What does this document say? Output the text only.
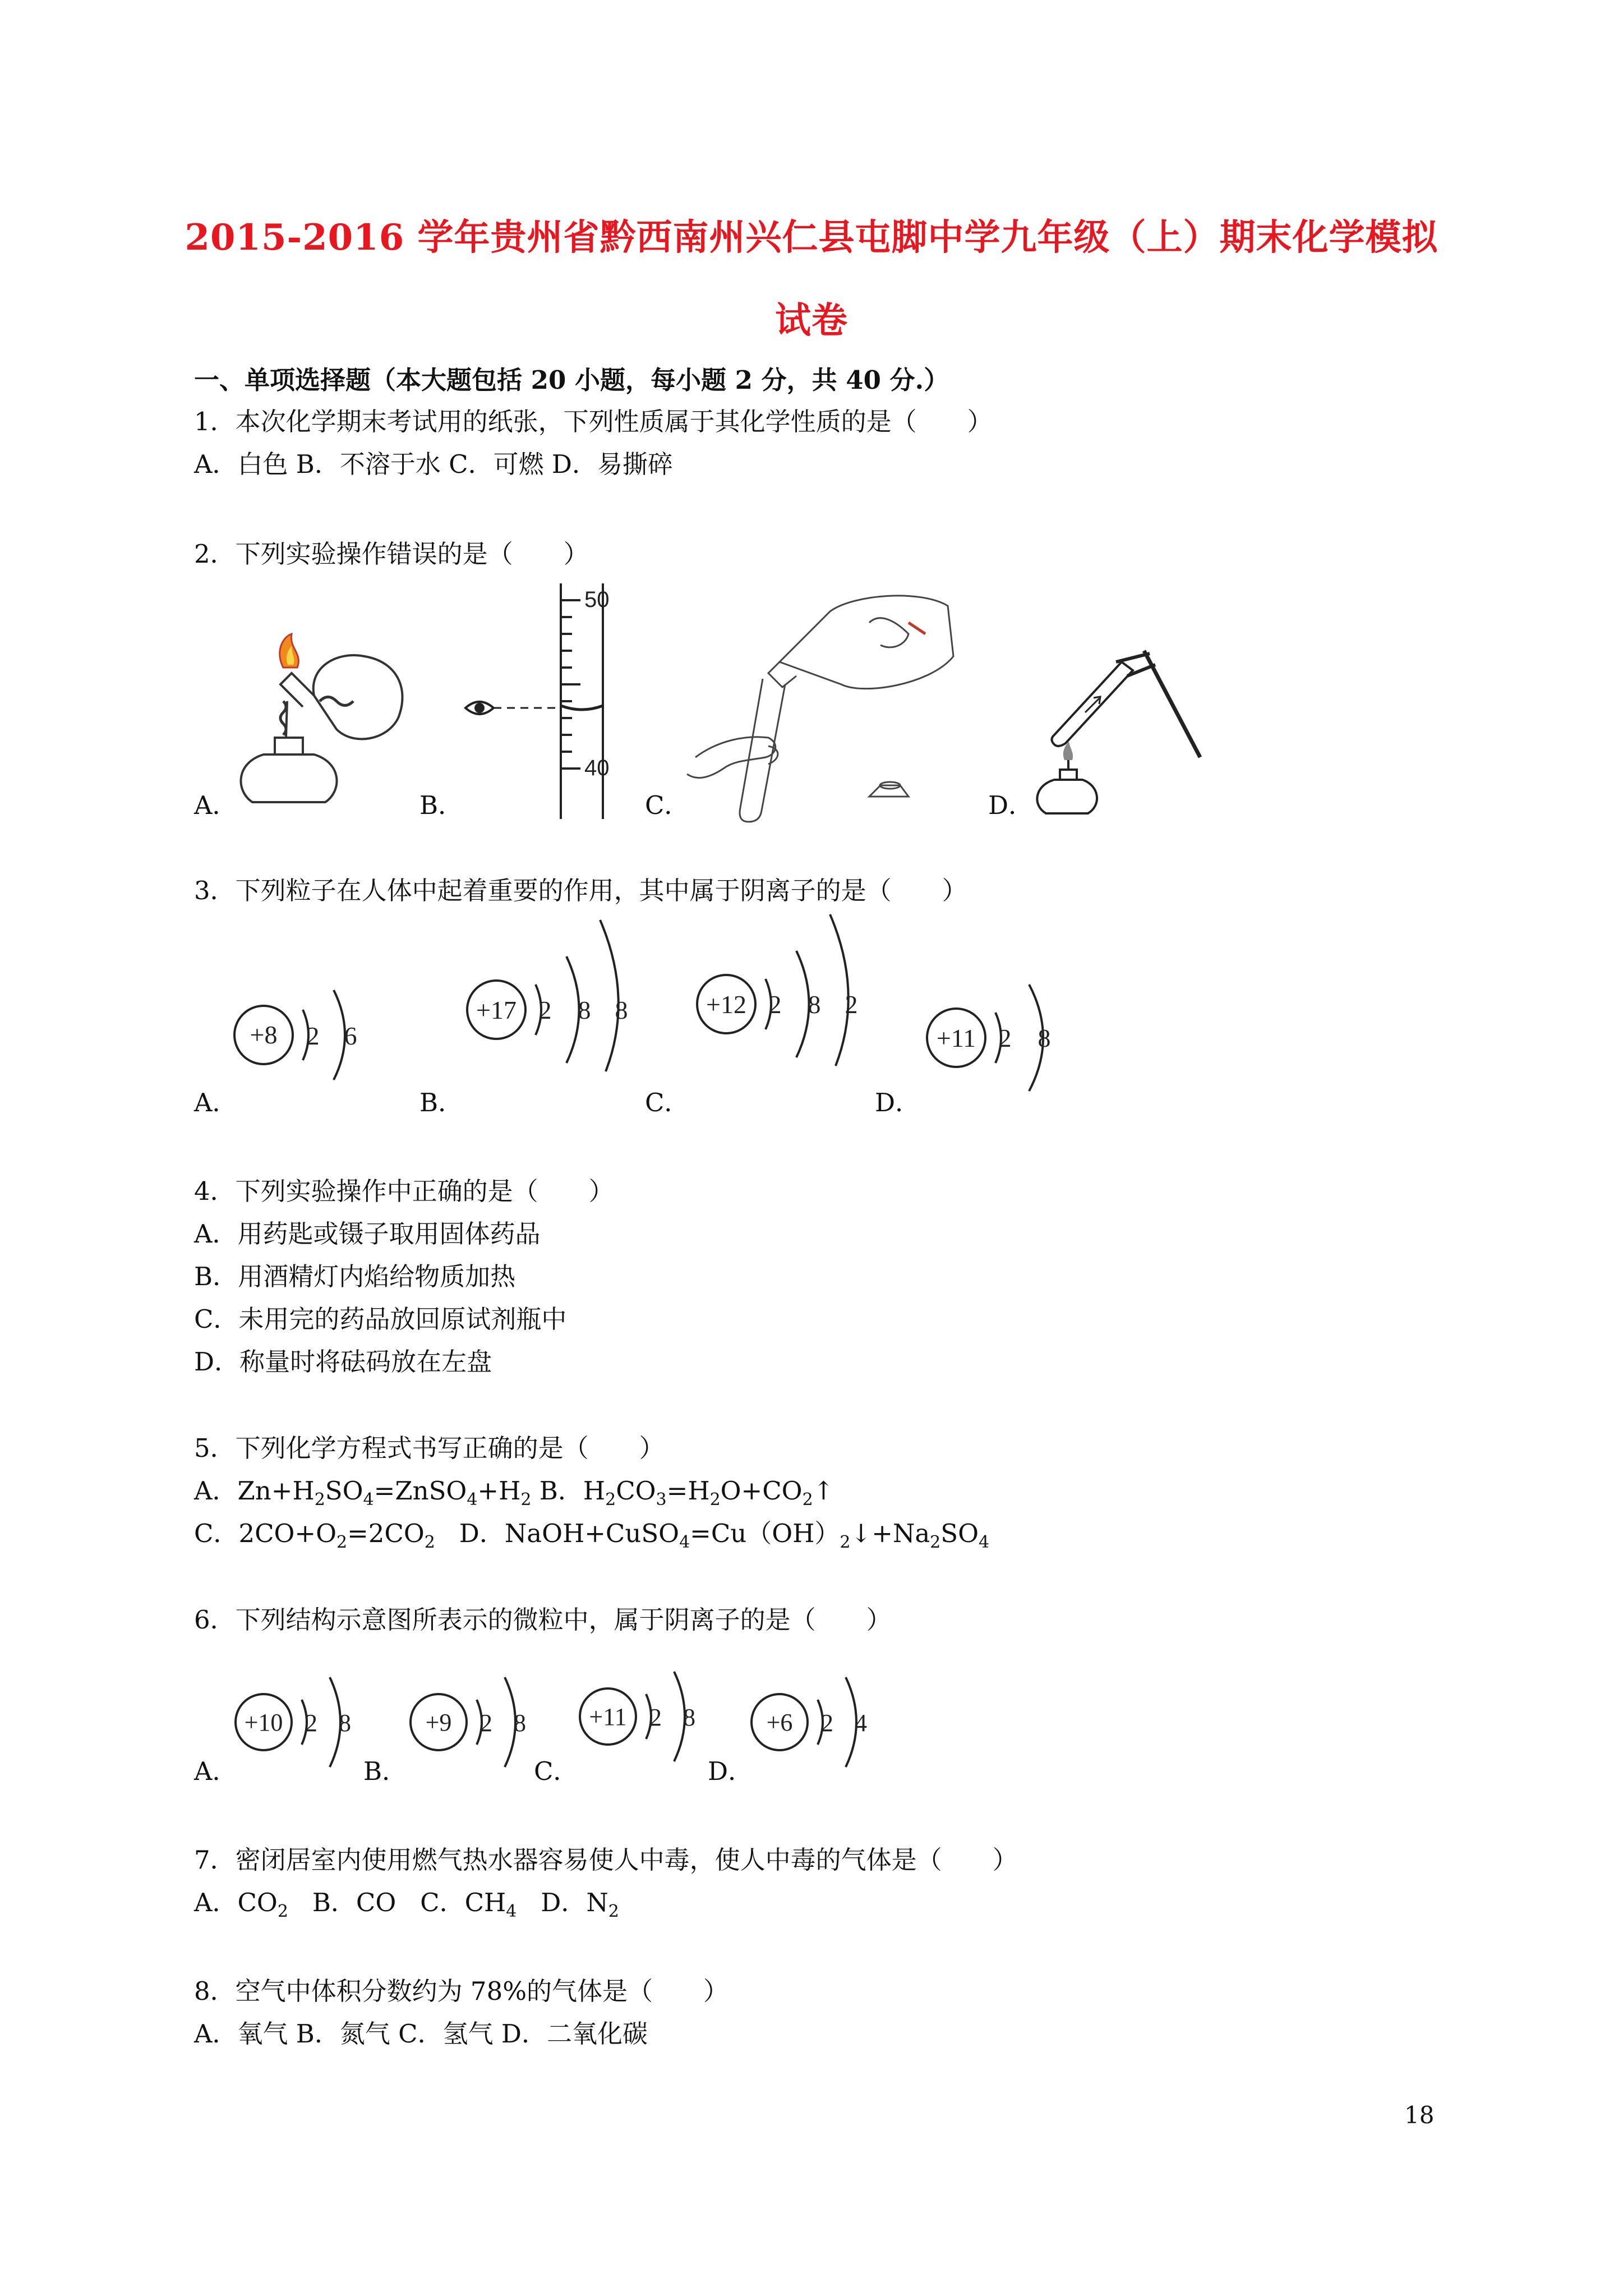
2015-2016 学年贵州省黔西南州兴仁县屯脚中学九年级（上）期末化学模拟
试卷
一、单项选择题（本大题包括 20 小题，每小题 2 分，共 40 分.）
1．本次化学期末考试用的纸张，下列性质属于其化学性质的是（　　）
A．白色 B．不溶于水 C．可燃 D．易撕碎
2．下列实验操作错误的是（　　）
A．
50
40
B．	C．	D．
3．下列粒子在人体中起着重要的作用，其中属于阴离子的是（　　）
+8 2 6
A．
+17 2 8 8
B．
+12 2 8 2
C．
+11 2 8
D．
4．下列实验操作中正确的是（　　）
A．用药匙或镊子取用固体药品
B．用酒精灯内焰给物质加热
C．未用完的药品放回原试剂瓶中
D．称量时将砝码放在左盘
5．下列化学方程式书写正确的是（　　）
A．$Zn+H_2SO_4=ZnSO_4+H_2$ B．$H_2CO_3=H_2O+CO_2↑$
C．$2CO+O_2=2CO_2$ D．$NaOH+CuSO_4=Cu(OH)_2↓+Na_2SO_4$
6．下列结构示意图所表示的微粒中，属于阴离子的是（　　）
+10 2 8
A．
+9 2 8
B．
+11 2 8
C．
+6 2 4
D．
7．密闭居室内使用燃气热水器容易使人中毒，使人中毒的气体是（　　）
A．$CO_2$ B．CO C．$CH_4$ D．$N_2$
8．空气中体积分数约为 78%的气体是（　　）
A．氧气 B．氮气 C．氢气 D．二氧化碳
18
